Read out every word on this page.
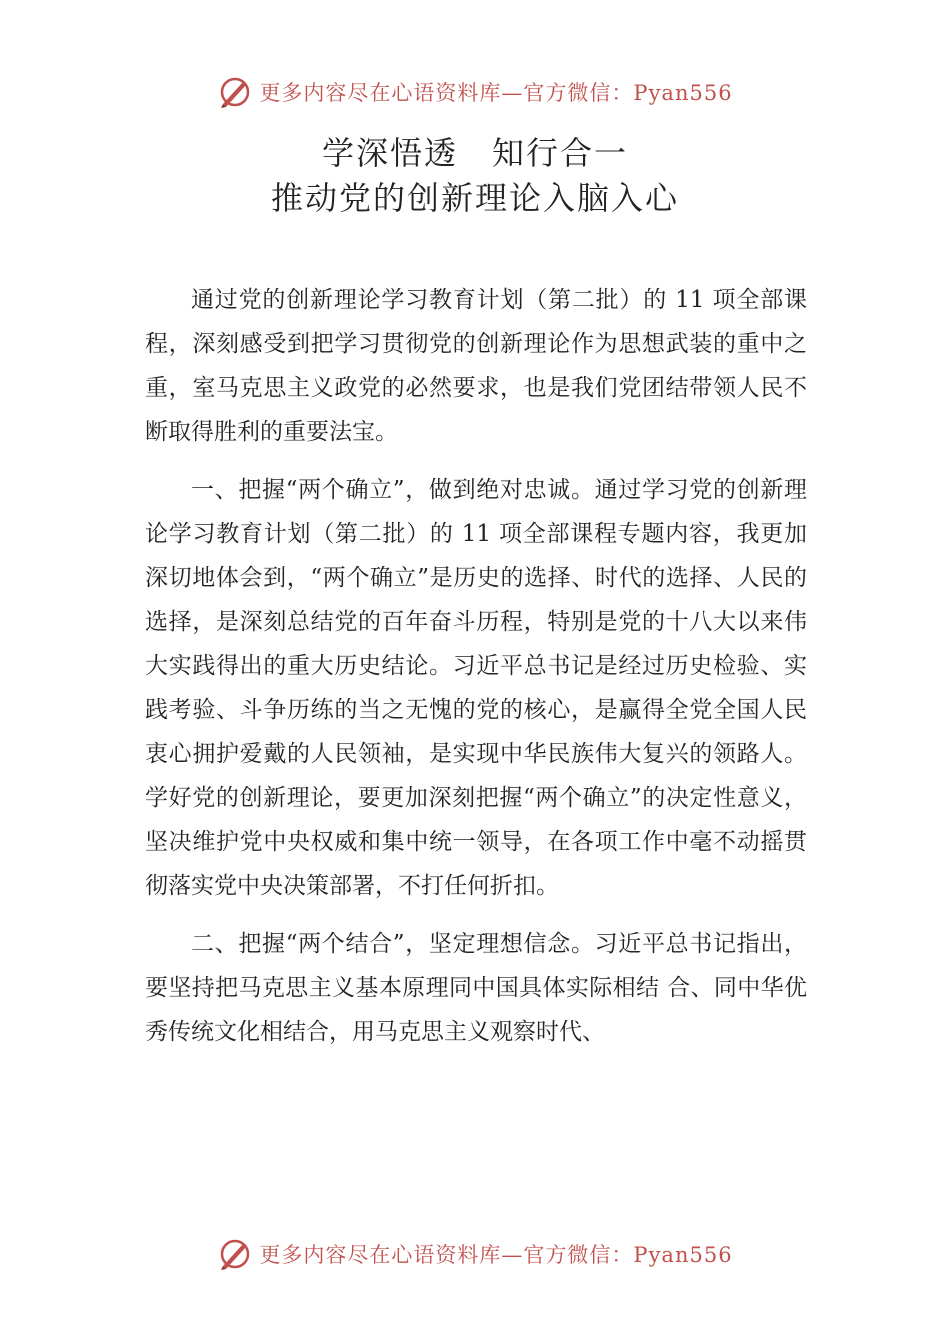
更多内容尽在心语资料库—官方微信：Pyan556
学深悟透　知行合一
推动党的创新理论入脑入心

通过党的创新理论学习教育计划（第二批）的 11 项全部课程，深刻感受到把学习贯彻党的创新理论作为思想武装的重中之重，室马克思主义政党的必然要求，也是我们党团结带领人民不断取得胜利的重要法宝。

一、把握“两个确立”，做到绝对忠诚。通过学习党的创新理论学习教育计划（第二批）的 11 项全部课程专题内容，我更加深切地体会到，“两个确立”是历史的选择、时代的选择、人民的选择，是深刻总结党的百年奋斗历程，特别是党的十八大以来伟大实践得出的重大历史结论。习近平总书记是经过历史检验、实践考验、斗争历练的当之无愧的党的核心，是赢得全党全国人民衷心拥护爱戴的人民领袖，是实现中华民族伟大复兴的领路人。学好党的创新理论，要更加深刻把握“两个确立”的决定性意义，坚决维护党中央权威和集中统一领导，在各项工作中毫不动摇贯彻落实党中央决策部署，不打任何折扣。

二、把握“两个结合”，坚定理想信念。习近平总书记指出，要坚持把马克思主义基本原理同中国具体实际相结 合、同中华优秀传统文化相结合，用马克思主义观察时代、

更多内容尽在心语资料库—官方微信：Pyan556
